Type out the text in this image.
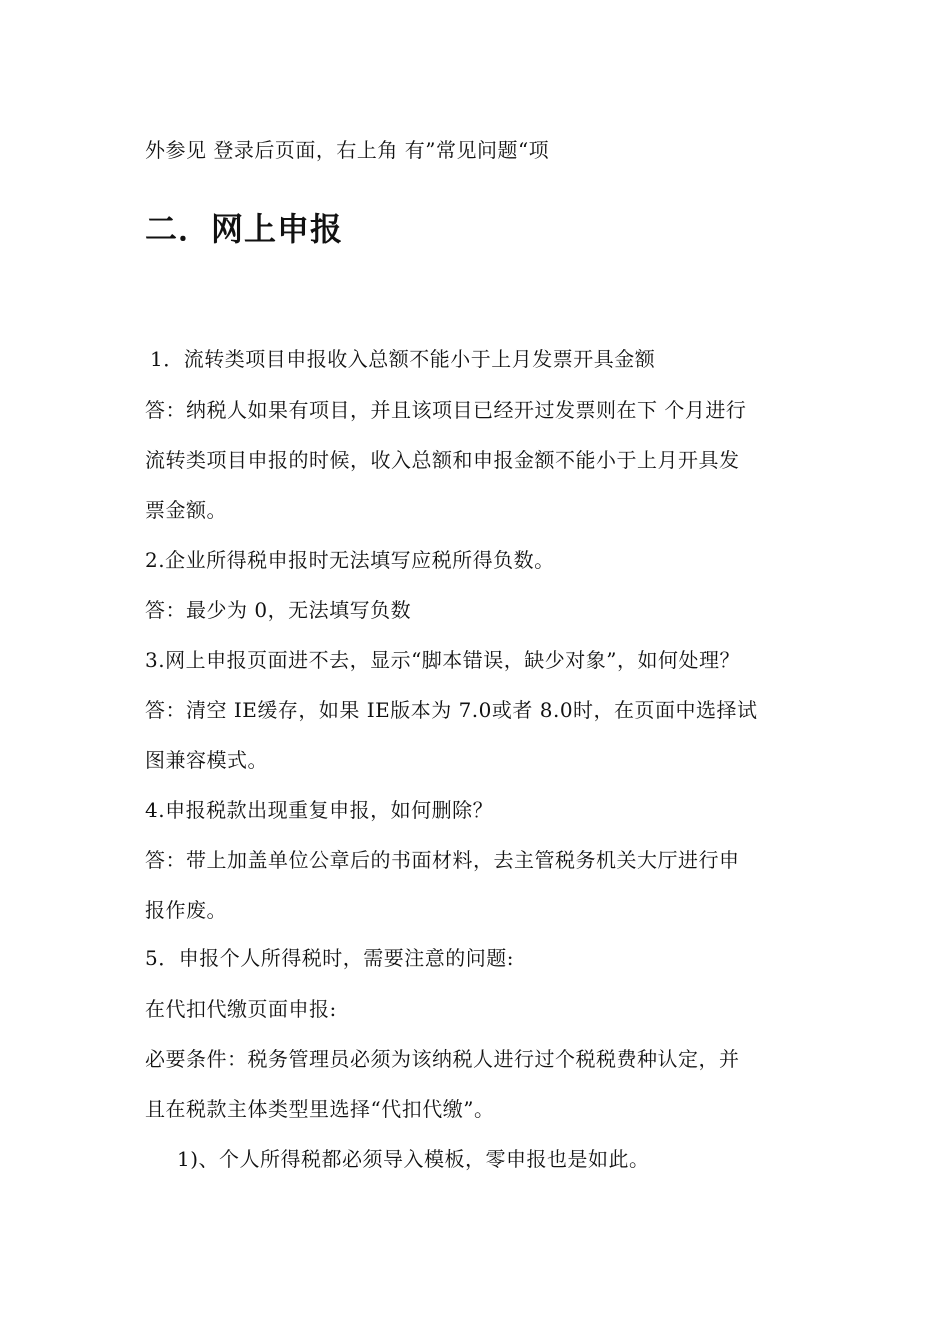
外参见 登录后页面，右上角 有”常见问题“项
二．网上申报
1．流转类项目申报收入总额不能小于上月发票开具金额
答：纳税人如果有项目，并且该项目已经开过发票则在下 个月进行
流转类项目申报的时候，收入总额和申报金额不能小于上月开具发
票金额。
2.企业所得税申报时无法填写应税所得负数。
答：最少为 0，无法填写负数
3.网上申报页面进不去，显示“脚本错误，缺少对象”，如何处理？
答：清空 IE缓存，如果 IE版本为 7.0或者 8.0时，在页面中选择试
图兼容模式。
4.申报税款出现重复申报，如何删除？
答：带上加盖单位公章后的书面材料，去主管税务机关大厅进行申
报作废。
5．申报个人所得税时，需要注意的问题:
在代扣代缴页面申报:
必要条件：税务管理员必须为该纳税人进行过个税税费种认定，并
且在税款主体类型里选择“代扣代缴”。
1)、个人所得税都必须导入模板，零申报也是如此。
